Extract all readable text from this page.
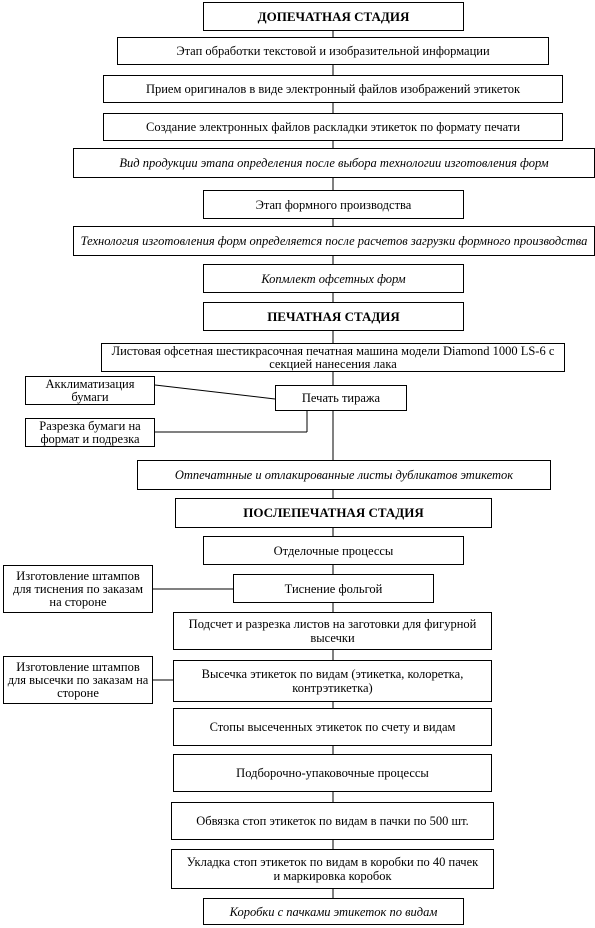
ДОПЕЧАТНАЯ СТАДИЯ
Этап обработки текстовой и изобразительной информации
Прием оригиналов в виде электронный файлов изображений этикеток
Создание электронных файлов раскладки этикеток по формату печати
Вид продукции этапа определения после выбора технологии изготовления форм
Этап формного производства
Технология изготовления форм определяется после расчетов загрузки формного производства
Копмлект офсетных форм
ПЕЧАТНАЯ СТАДИЯ
Листовая офсетная шестикрасочная печатная машина модели Diamond 1000 LS-6 с секцией нанесения лака
Акклиматизация бумаги	Печать тиража
Разрезка бумаги на формат и подрезка
Отпечатнные и отлакированные листы дубликатов этикеток
ПОСЛЕПЕЧАТНАЯ СТАДИЯ
Отделочные процессы
Изготовление штампов для тиснения по заказам на стороне
Тиснение фольгой
Подсчет и разрезка листов на заготовки для фигурной высечки
Изготовление штампов для высечки по заказам на стороне
Высечка этикеток по видам (этикетка, колоретка, контрэтикетка)
Стопы высеченных этикеток по счету и видам
Подборочно-упаковочные процессы
Обвязка стоп этикеток по видам в пачки по 500 шт.
Укладка стоп этикеток по видам в коробки по 40 пачек и маркировка коробок
Коробки с пачками этикеток по видам
